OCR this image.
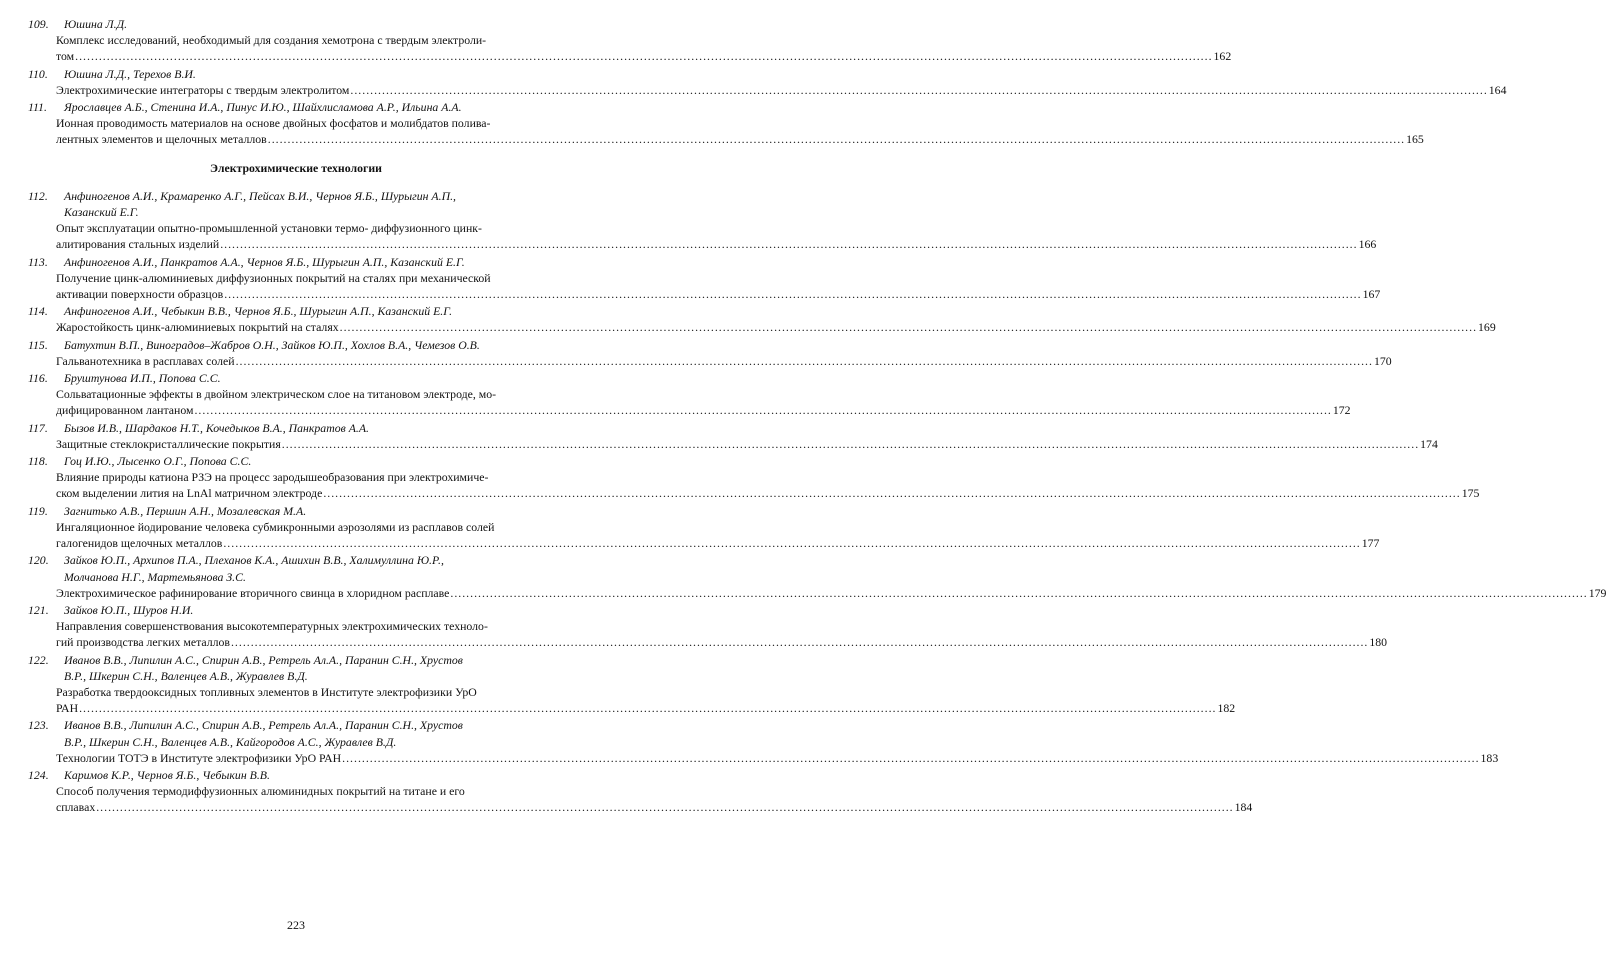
109.	Юшина Л.Д.
Комплекс исследований, необходимый для создания хемотрона с твердым электроли-
том .....	162
110.	Юшина Л.Д., Терехов В.И.
Электрохимические интеграторы с твердым электролитом .....	164
111.	Ярославцев А.Б., Стенина И.А., Пинус И.Ю., Шайхлисламова А.Р., Ильина А.А.
Ионная проводимость материалов на основе двойных фосфатов и молибдатов полива-
лентных элементов и щелочных металлов .....	165
Электрохимические технологии
112.	Анфиногенов А.И., Крамаренко А.Г., Пейсах В.И., Чернов Я.Б., Шурыгин А.П.,
Казанский Е.Г.
Опыт эксплуатации опытно-промышленной установки термо- диффузионного цинк-
алитирования стальных изделий .....	166
113.	Анфиногенов А.И., Панкратов А.А., Чернов Я.Б., Шурыгин А.П., Казанский Е.Г.
Получение цинк-алюминиевых диффузионных покрытий на сталях при механической
активации поверхности образцов .....	167
114.	Анфиногенов А.И., Чебыкин В.В., Чернов Я.Б., Шурыгин А.П., Казанский Е.Г.
Жаростойкость цинк-алюминиевых покрытий на сталях .....	169
115.	Батухтин В.П., Виноградов–Жабров О.Н., Зайков Ю.П., Хохлов В.А., Чемезов О.В.
Гальванотехника в расплавах солей .....	170
116.	Бруштунова И.П., Попова С.С.
Сольватационные эффекты в двойном электрическом слое на титановом электроде, мо-
дифицированном лантаном .....	172
117.	Бызов И.В., Шардаков Н.Т., Кочедыков В.А., Панкратов А.А.
Защитные стеклокристаллические покрытия .....	174
118.	Гоц И.Ю., Лысенко О.Г., Попова С.С.
Влияние природы катиона РЗЭ на процесс зародышеобразования при электрохимиче-
ском выделении лития на LnAl матричном электроде .....	175
119.	Загнитько А.В., Першин А.Н., Мозалевская М.А.
Ингаляционное йодирование человека субмикронными аэрозолями из расплавов солей
галогенидов щелочных металлов .....	177
120.	Зайков Ю.П., Архипов П.А., Плеханов К.А., Ашихин В.В., Халимуллина Ю.Р.,
Молчанова Н.Г., Мартемьянова З.С.
Электрохимическое рафинирование вторичного свинца в хлоридном расплаве .....	179
121.	Зайков Ю.П., Шуров Н.И.
Направления совершенствования высокотемпературных электрохимических техноло-
гий производства легких металлов .....	180
122.	Иванов В.В., Липилин А.С., Спирин А.В., Рempель Ал.А., Паранин С.Н., Хрустов
В.Р., Шкерин С.Н., Валенцев А.В., Журавлев В.Д.
Разработка твердооксидных топливных элементов в Институте электрофизики УрО
РАН .....	182
123.	Иванов В.В., Липилин А.С., Спирин А.В., Рempель Ал.А., Паранин С.Н., Хрустов
В.Р., Шкерин С.Н., Валенцев А.В., Кайгородов А.С., Журавлев В.Д.
Технологии ТОТЭ в Институте электрофизики УрО РАН .....	183
124.	Каримов К.Р., Чернов Я.Б., Чебыкин В.В.
Способ получения термодиффузионных алюминидных покрытий на титане и его
сплавах .....	184
223
